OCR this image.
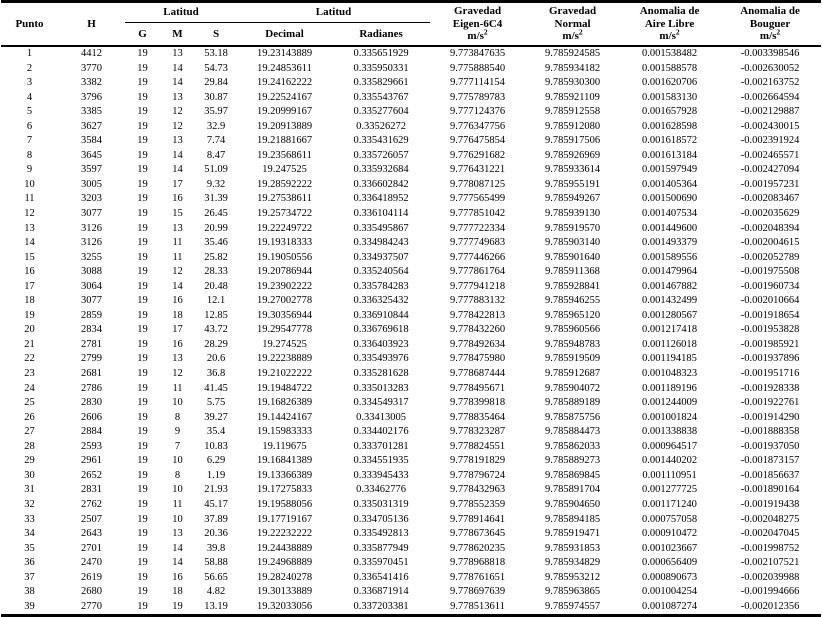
Punto	H	Latitud			Latitud		Gravedad
Eigen-6C4
$m/s^2$	Gravedad
Normal
$m/s^2$	Anomalia de
Aire Libre
$m/s^2$	Anomalia de
Bouguer
$m/s^2$

		G	M	S	Decimal	Radianes				
1	4412	19	13	53.18	19.23143889	0.335651929	9.773847635	9.785924585	0.001538482	-0.003398546
2	3770	19	14	54.73	19.24853611	0.335950331	9.775888540	9.785934182	0.001588578	-0.002630052
3	3382	19	14	29.84	19.24162222	0.335829661	9.777114154	9.785930300	0.001620706	-0.002163752
4	3796	19	13	30.87	19.22524167	0.335543767	9.775789783	9.785921109	0.001583130	-0.002664594
5	3385	19	12	35.97	19.20999167	0.335277604	9.777124376	9.785912558	0.001657928	-0.002129887
6	3627	19	12	32.9	19.20913889	0.33526272	9.776347756	9.785912080	0.001628598	-0.002430015
7	3584	19	13	7.74	19.21881667	0.335431629	9.776475854	9.785917506	0.001618572	-0.002391924
8	3645	19	14	8.47	19.23568611	0.335726057	9.776291682	9.785926969	0.001613184	-0.002465571
9	3597	19	14	51.09	19.247525	0.335932684	9.776431221	9.785933614	0.001597949	-0.002427094
10	3005	19	17	9.32	19.28592222	0.336602842	9.778087125	9.785955191	0.001405364	-0.001957231
11	3203	19	16	31.39	19.27538611	0.336418952	9.777565499	9.785949267	0.001500690	-0.002083467
12	3077	19	15	26.45	19.25734722	0.336104114	9.777851042	9.785939130	0.001407534	-0.002035629
13	3126	19	13	20.99	19.22249722	0.335495867	9.777722334	9.785919570	0.001449600	-0.002048394
14	3126	19	11	35.46	19.19318333	0.334984243	9.777749683	9.785903140	0.001493379	-0.002004615
15	3255	19	11	25.82	19.19050556	0.334937507	9.777446266	9.785901640	0.001589556	-0.002052789
16	3088	19	12	28.33	19.20786944	0.335240564	9.777861764	9.785911368	0.001479964	-0.001975508
17	3064	19	14	20.48	19.23902222	0.335784283	9.777941218	9.785928841	0.001467882	-0.001960734
18	3077	19	16	12.1	19.27002778	0.336325432	9.777883132	9.785946255	0.001432499	-0.002010664
19	2859	19	18	12.85	19.30356944	0.336910844	9.778422813	9.785965120	0.001280567	-0.001918654
20	2834	19	17	43.72	19.29547778	0.336769618	9.778432260	9.785960566	0.001217418	-0.001953828
21	2781	19	16	28.29	19.274525	0.336403923	9.778492634	9.785948783	0.001126018	-0.001985921
22	2799	19	13	20.6	19.22238889	0.335493976	9.778475980	9.785919509	0.001194185	-0.001937896
23	2681	19	12	36.8	19.21022222	0.335281628	9.778687444	9.785912687	0.001048323	-0.001951716
24	2786	19	11	41.45	19.19484722	0.335013283	9.778495671	9.785904072	0.001189196	-0.001928338
25	2830	19	10	5.75	19.16826389	0.334549317	9.778399818	9.785889189	0.001244009	-0.001922761
26	2606	19	8	39.27	19.14424167	0.33413005	9.778835464	9.785875756	0.001001824	-0.001914290
27	2884	19	9	35.4	19.15983333	0.334402176	9.778323287	9.785884473	0.001338838	-0.001888358
28	2593	19	7	10.83	19.119675	0.333701281	9.778824551	9.785862033	0.000964517	-0.001937050
29	2961	19	10	6.29	19.16841389	0.334551935	9.778191829	9.785889273	0.001440202	-0.001873157
30	2652	19	8	1.19	19.13366389	0.333945433	9.778796724	9.785869845	0.001110951	-0.001856637
31	2831	19	10	21.93	19.17275833	0.33462776	9.778432963	9.785891704	0.001277725	-0.001890164
32	2762	19	11	45.17	19.19588056	0.335031319	9.778552359	9.785904650	0.001171240	-0.001919438
33	2507	19	10	37.89	19.17719167	0.334705136	9.778914641	9.785894185	0.000757058	-0.002048275
34	2643	19	13	20.36	19.22232222	0.335492813	9.778673645	9.785919471	0.000910472	-0.002047045
35	2701	19	14	39.8	19.24438889	0.335877949	9.778620235	9.785931853	0.001023667	-0.001998752
36	2470	19	14	58.88	19.24968889	0.335970451	9.778968818	9.785934829	0.000656409	-0.002107521
37	2619	19	16	56.65	19.28240278	0.336541416	9.778761651	9.785953212	0.000890673	-0.002039988
38	2680	19	18	4.82	19.30133889	0.336871914	9.778697639	9.785963865	0.001004254	-0.001994666
39	2770	19	19	13.19	19.32033056	0.337203381	9.778513611	9.785974557	0.001087274	-0.002012356
